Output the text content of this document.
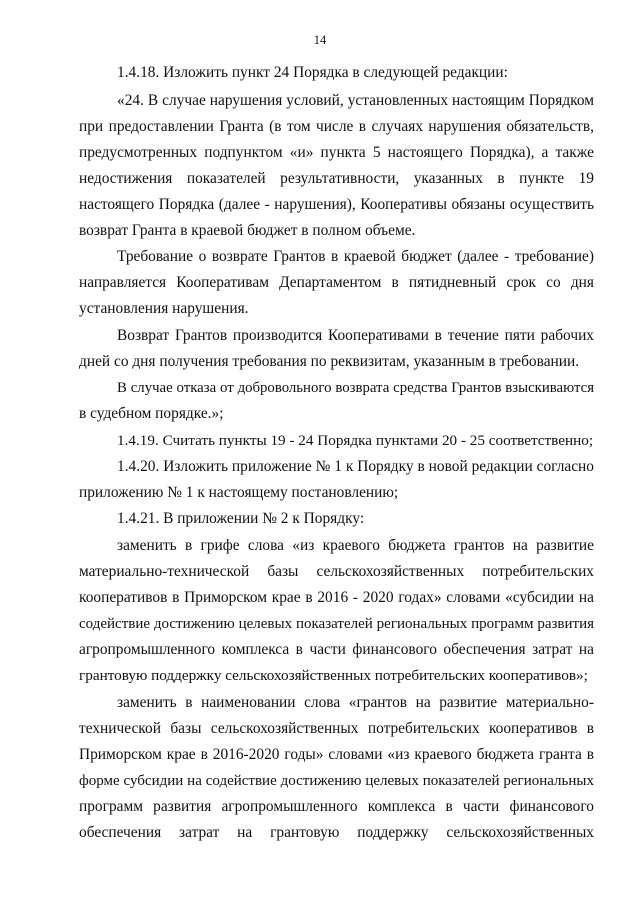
14
1.4.18. Изложить пункт 24 Порядка в следующей редакции:
«24. В случае нарушения условий, установленных настоящим Порядком
при предоставлении Гранта (в том числе в случаях нарушения обязательств,
предусмотренных подпунктом «и» пункта 5 настоящего Порядка), а также
недостижения показателей результативности, указанных в пункте 19
настоящего Порядка (далее - нарушения), Кооперативы обязаны осуществить
возврат Гранта в краевой бюджет в полном объеме.
Требование о возврате Грантов в краевой бюджет (далее - требование)
направляется Кооперативам Департаментом в пятидневный срок со дня
установления нарушения.
Возврат Грантов производится Кооперативами в течение пяти рабочих
дней со дня получения требования по реквизитам, указанным в требовании.
В случае отказа от добровольного возврата средства Грантов взыскиваются
в судебном порядке.»;
1.4.19. Считать пункты 19 - 24 Порядка пунктами 20 - 25 соответственно;
1.4.20. Изложить приложение № 1 к Порядку в новой редакции согласно
приложению № 1 к настоящему постановлению;
1.4.21. В приложении № 2 к Порядку:
заменить в грифе слова «из краевого бюджета грантов на развитие
материально-технической базы сельскохозяйственных потребительских
кооперативов в Приморском крае в 2016 - 2020 годах» словами «субсидии на
содействие достижению целевых показателей региональных программ развития
агропромышленного комплекса в части финансового обеспечения затрат на
грантовую поддержку сельскохозяйственных потребительских кооперативов»;
заменить в наименовании слова «грантов на развитие материально-
технической базы сельскохозяйственных потребительских кооперативов в
Приморском крае в 2016-2020 годы» словами «из краевого бюджета гранта в
форме субсидии на содействие достижению целевых показателей региональных
программ развития агропромышленного комплекса в части финансового
обеспечения затрат на грантовую поддержку сельскохозяйственных
